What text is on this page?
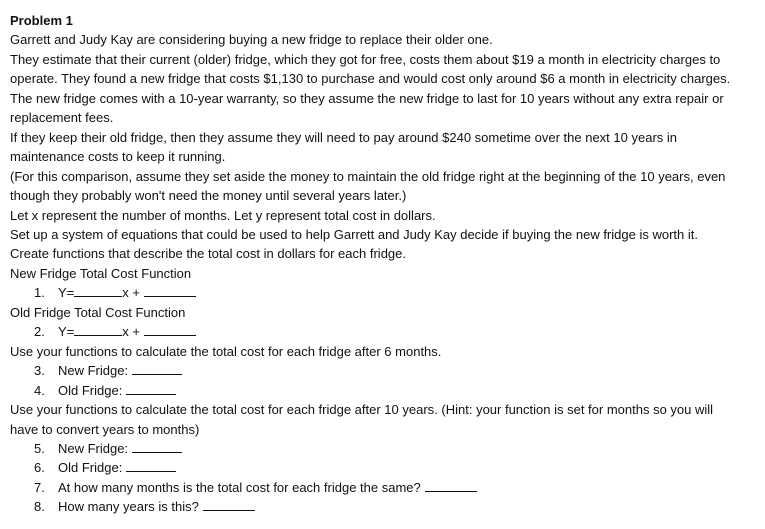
Problem 1
Garrett and Judy Kay are considering buying a new fridge to replace their older one.
They estimate that their current (older) fridge, which they got for free, costs them about $19 a month in electricity charges to
operate. They found a new fridge that costs $1,130 to purchase and would cost only around $6 a month in electricity charges.
The new fridge comes with a 10-year warranty, so they assume the new fridge to last for 10 years without any extra repair or
replacement fees.
If they keep their old fridge, then they assume they will need to pay around $240 sometime over the next 10 years in
maintenance costs to keep it running.
(For this comparison, assume they set aside the money to maintain the old fridge right at the beginning of the 10 years, even
though they probably won't need the money until several years later.)
Let x represent the number of months. Let y represent total cost in dollars.
Set up a system of equations that could be used to help Garrett and Judy Kay decide if buying the new fridge is worth it.
Create functions that describe the total cost in dollars for each fridge.
New Fridge Total Cost Function
1.	Y=	x +
Old Fridge Total Cost Function
2.	Y=	x +
Use your functions to calculate the total cost for each fridge after 6 months.
3.	New Fridge:
4.	Old Fridge:
Use your functions to calculate the total cost for each fridge after 10 years. (Hint: your function is set for months so you will
have to convert years to months)
5.	New Fridge:
6.	Old Fridge:
7.	At how many months is the total cost for each fridge the same?
8.	How many years is this?
